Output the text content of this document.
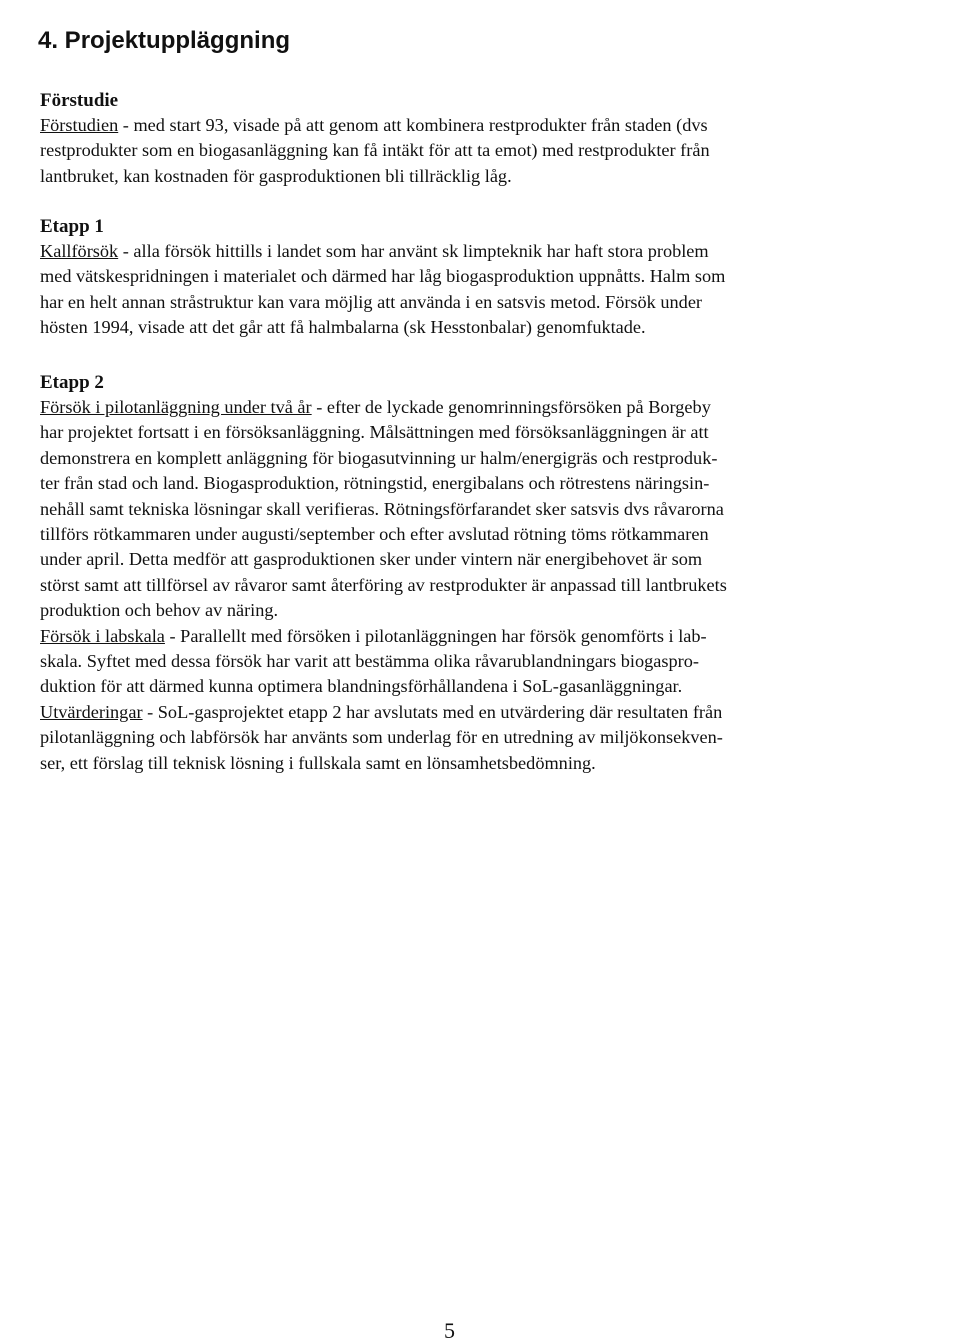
4. Projektuppläggning
Förstudie

Förstudien - med start 93, visade på att genom att kombinera restprodukter från staden (dvs
restprodukter som en biogasanläggning kan få intäkt för att ta emot) med restprodukter från
lantbruket, kan kostnaden för gasproduktionen bli tillräcklig låg.

Etapp 1

Kallförsök - alla försök hittills i landet som har använt sk limpteknik har haft stora problem
med vätskespridningen i materialet och därmed har låg biogasproduktion uppnåtts. Halm som
har en helt annan stråstruktur kan vara möjlig att använda i en satsvis metod. Försök under
hösten 1994, visade att det går att få halmbalarna (sk Hesstonbalar) genomfuktade.

Etapp 2

Försök i pilotanläggning under två år - efter de lyckade genomrinningsförsöken på Borgeby
har projektet fortsatt i en försöksanläggning. Målsättningen med försöksanläggningen är att
demonstrera en komplett anläggning för biogasutvinning ur halm/energigräs och restproduk-
ter från stad och land. Biogasproduktion, rötningstid, energibalans och rötrestens näringsin-
nehåll samt tekniska lösningar skall verifieras. Rötningsförfarandet sker satsvis dvs råvarorna
tillförs rötkammaren under augusti/september och efter avslutad rötning töms rötkammaren
under april. Detta medför att gasproduktionen sker under vintern när energibehovet är som
störst samt att tillförsel av råvaror samt återföring av restprodukter är anpassad till lantbrukets
produktion och behov av näring.

Försök i labskala - Parallellt med försöken i pilotanläggningen har försök genomförts i lab-
skala. Syftet med dessa försök har varit att bestämma olika råvarublandningars biogaspro-
duktion för att därmed kunna optimera blandningsförhållandena i SoL-gasanläggningar.

Utvärderingar - SoL-gasprojektet etapp 2 har avslutats med en utvärdering där resultaten från
pilotanläggning och labförsök har använts som underlag för en utredning av miljökonsekven-
ser, ett förslag till teknisk lösning i fullskala samt en lönsamhetsbedömning.

5
